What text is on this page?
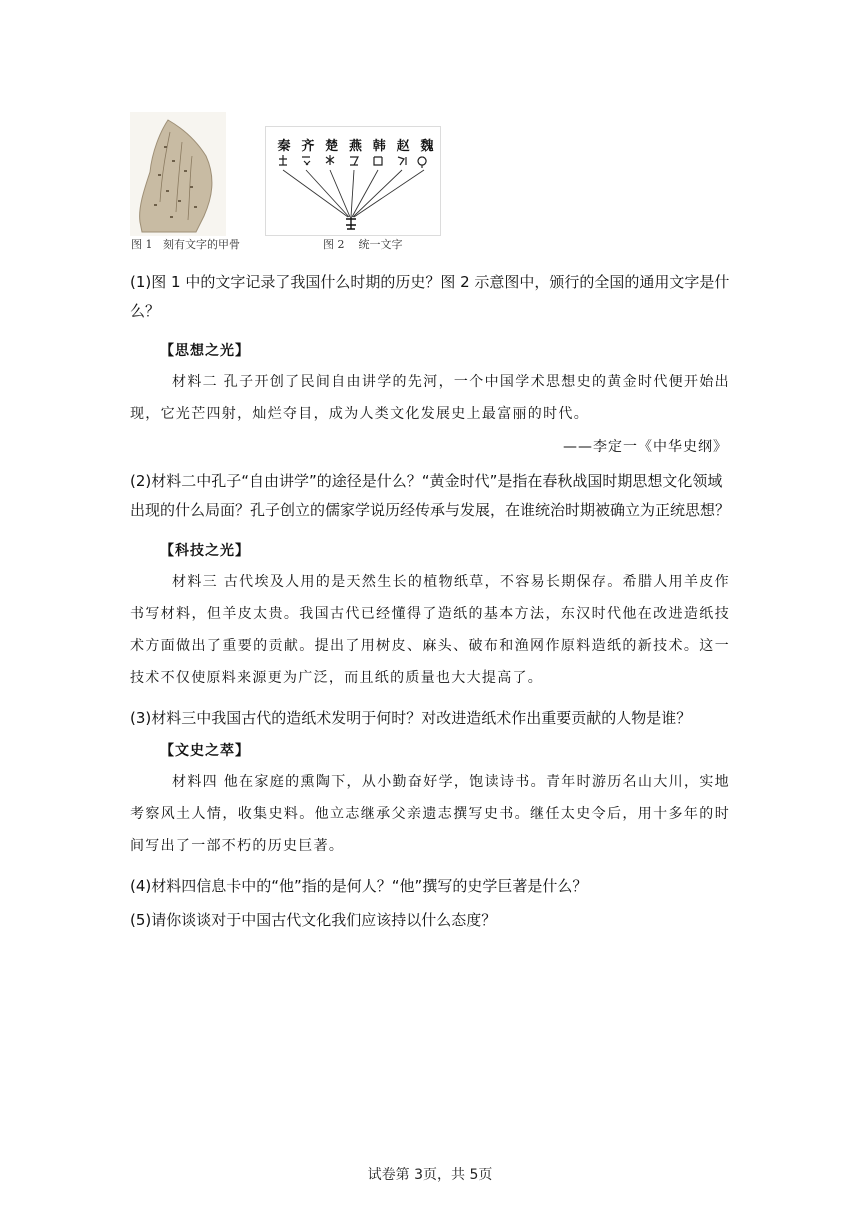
图 1   刻有文字的甲骨
秦 齐 楚 燕 韩 赵 魏
图 2    统一文字
(1)图 1 中的文字记录了我国什么时期的历史？图 2 示意图中，颁行的全国的通用文字是什么？
【思想之光】
材料二 孔子开创了民间自由讲学的先河，一个中国学术思想史的黄金时代便开始出现，它光芒四射，灿烂夺目，成为人类文化发展史上最富丽的时代。
——李定一《中华史纲》
(2)材料二中孔子“自由讲学”的途径是什么？“黄金时代”是指在春秋战国时期思想文化领域出现的什么局面？孔子创立的儒家学说历经传承与发展，在谁统治时期被确立为正统思想？
【科技之光】
材料三 古代埃及人用的是天然生长的植物纸草，不容易长期保存。希腊人用羊皮作书写材料，但羊皮太贵。我国古代已经懂得了造纸的基本方法，东汉时代他在改进造纸技术方面做出了重要的贡献。提出了用树皮、麻头、破布和渔网作原料造纸的新技术。这一技术不仅使原料来源更为广泛，而且纸的质量也大大提高了。
(3)材料三中我国古代的造纸术发明于何时？对改进造纸术作出重要贡献的人物是谁？
【文史之萃】
材料四 他在家庭的熏陶下，从小勤奋好学，饱读诗书。青年时游历名山大川，实地考察风土人情，收集史料。他立志继承父亲遗志撰写史书。继任太史令后，用十多年的时间写出了一部不朽的历史巨著。
(4)材料四信息卡中的“他”指的是何人？“他”撰写的史学巨著是什么？
(5)请你谈谈对于中国古代文化我们应该持以什么态度？
试卷第 3页，共 5页
